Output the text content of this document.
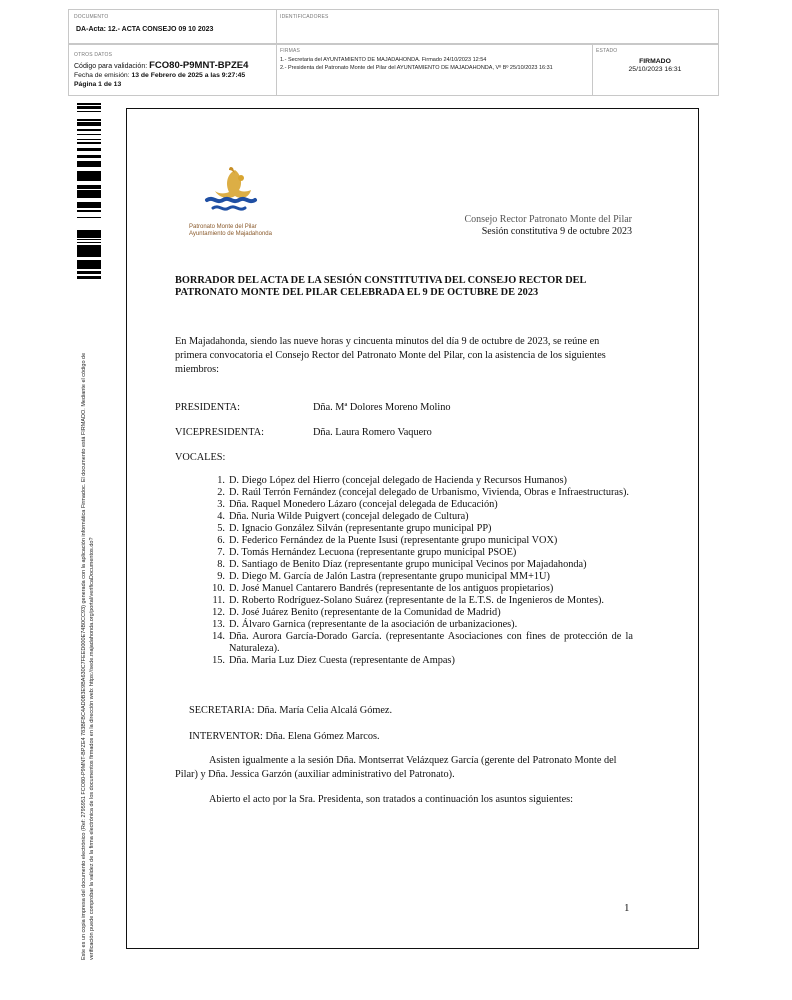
DOCUMENTO
DA-Acta: 12.- ACTA CONSEJO 09 10 2023
IDENTIFICADORES
OTROS DATOS
Código para validación: FCO80-P9MNT-BPZE4
Fecha de emisión: 13 de Febrero de 2025 a las 9:27:45
Página 1 de 13
FIRMAS
1.- Secretaria del AYUNTAMIENTO DE MAJADAHONDA. Firmado 24/10/2023 12:54
2.- Presidenta del Patronato Monte del Pilar del AYUNTAMIENTO DE MAJADAHONDA, Vº Bº 25/10/2023 16:31
ESTADO
FIRMADO
25/10/2023 16:31
Este es un copia impresa del documento electrónico (Ref: 2795951 FCO80-P9MNT-BPZE4 783BFBC4AD0B3E9BA630C7FEED000E74B0CC93) generada con la aplicación informática Firmadoc. El documento está FIRMADO. Mediante el código de verificación puede comprobar la validez de la firma electrónica de los documentos firmados en la dirección web: https://sede.majadahonda.org/portal/verificaDocumentos.do?
Patronato Monte del Pilar
Ayuntamiento de Majadahonda
Consejo Rector Patronato Monte del Pilar
Sesión constitutiva 9 de octubre 2023
BORRADOR DEL ACTA DE LA SESIÓN CONSTITUTIVA DEL CONSEJO RECTOR DEL
PATRONATO MONTE DEL PILAR CELEBRADA EL 9 DE OCTUBRE DE 2023
En Majadahonda, siendo las nueve horas y cincuenta minutos del día 9 de octubre de 2023, se reúne en
primera convocatoria el Consejo Rector del Patronato Monte del Pilar, con la asistencia de los siguientes
miembros:
PRESIDENTA:	Dña. Mª Dolores Moreno Molino
VICEPRESIDENTA:	Dña. Laura Romero Vaquero
VOCALES:
1. D. Diego López del Hierro (concejal delegado de Hacienda y Recursos Humanos)
2. D. Raúl Terrón Fernández (concejal delegado de Urbanismo, Vivienda, Obras e Infraestructuras).
3. Dña. Raquel Monedero Lázaro (concejal delegada de Educación)
4. Dña. Nuria Wilde Puigvert (concejal delegado de Cultura)
5. D. Ignacio González Silván (representante grupo municipal PP)
6. D. Federico Fernández de la Puente Isusi (representante grupo municipal VOX)
7. D. Tomás Hernández Lecuona (representante grupo municipal PSOE)
8. D. Santiago de Benito Díaz (representante grupo municipal Vecinos por Majadahonda)
9. D. Diego M. García de Jalón Lastra (representante grupo municipal MM+1U)
10. D. José Manuel Cantarero Bandrés (representante de los antiguos propietarios)
11. D. Roberto Rodríguez-Solano Suárez (representante de la E.T.S. de Ingenieros de Montes).
12. D. José Juárez Benito (representante de la Comunidad de Madrid)
13. D. Álvaro Garnica (representante de la asociación de urbanizaciones).
14. Dña. Aurora García-Dorado García. (representante Asociaciones con fines de protección de la Naturaleza).
15. Dña. Maria Luz Diez Cuesta (representante de Ampas)
SECRETARIA: Dña. María Celia Alcalá Gómez.
INTERVENTOR: Dña. Elena Gómez Marcos.
Asisten igualmente a la sesión Dña. Montserrat Velázquez García (gerente del Patronato Monte del
Pilar) y Dña. Jessica Garzón (auxiliar administrativo del Patronato).
Abierto el acto por la Sra. Presidenta, son tratados a continuación los asuntos siguientes:
1
